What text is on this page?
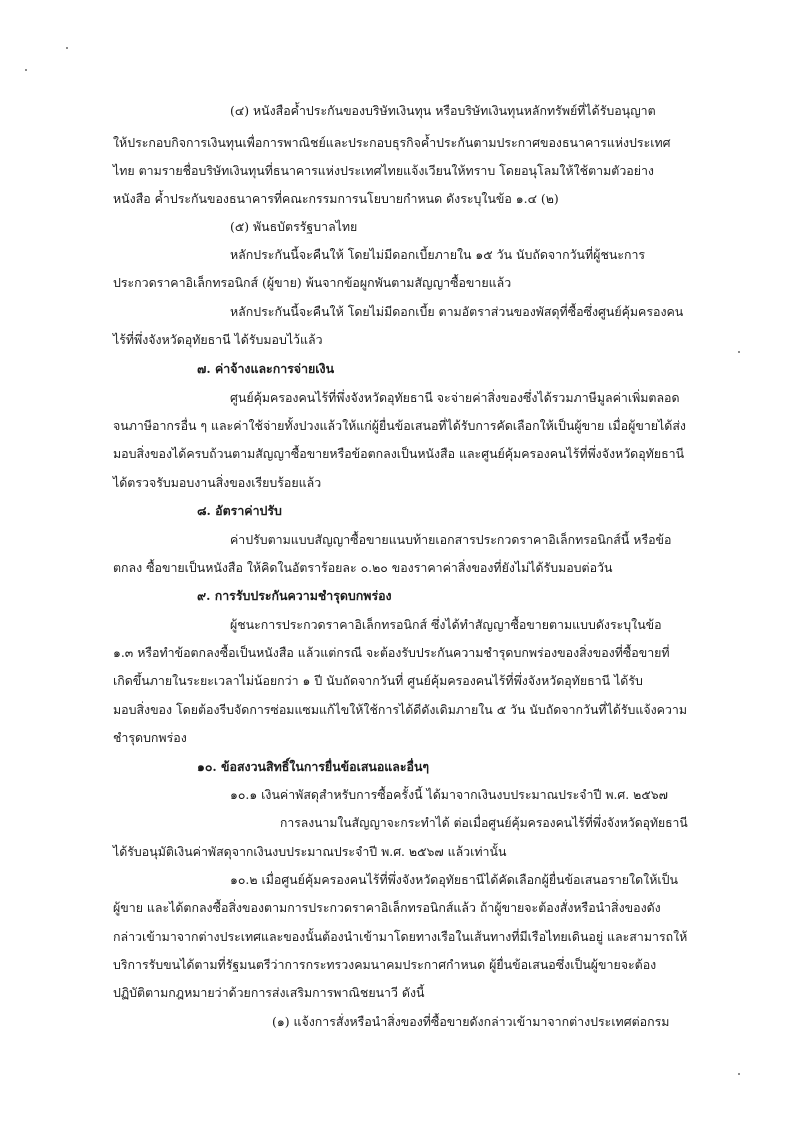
(๔) หนังสือค้ำประกันของบริษัทเงินทุน หรือบริษัทเงินทุนหลักทรัพย์ที่ได้รับอนุญาต
ให้ประกอบกิจการเงินทุนเพื่อการพาณิชย์และประกอบธุรกิจค้ำประกันตามประกาศของธนาคารแห่งประเทศ
ไทย ตามรายชื่อบริษัทเงินทุนที่ธนาคารแห่งประเทศไทยแจ้งเวียนให้ทราบ โดยอนุโลมให้ใช้ตามตัวอย่าง
หนังสือ ค้ำประกันของธนาคารที่คณะกรรมการนโยบายกำหนด ดังระบุในข้อ ๑.๔ (๒)
(๕) พันธบัตรรัฐบาลไทย
หลักประกันนี้จะคืนให้ โดยไม่มีดอกเบี้ยภายใน ๑๕ วัน นับถัดจากวันที่ผู้ชนะการ
ประกวดราคาอิเล็กทรอนิกส์ (ผู้ขาย) พ้นจากข้อผูกพันตามสัญญาซื้อขายแล้ว
หลักประกันนี้จะคืนให้ โดยไม่มีดอกเบี้ย ตามอัตราส่วนของพัสดุที่ซื้อซึ่งศูนย์คุ้มครองคน
ไร้ที่พึ่งจังหวัดอุทัยธานี ได้รับมอบไว้แล้ว
๗. ค่าจ้างและการจ่ายเงิน
ศูนย์คุ้มครองคนไร้ที่พึ่งจังหวัดอุทัยธานี จะจ่ายค่าสิ่งของซึ่งได้รวมภาษีมูลค่าเพิ่มตลอด
จนภาษีอากรอื่น ๆ และค่าใช้จ่ายทั้งปวงแล้วให้แก่ผู้ยื่นข้อเสนอที่ได้รับการคัดเลือกให้เป็นผู้ขาย เมื่อผู้ขายได้ส่ง
มอบสิ่งของได้ครบถ้วนตามสัญญาซื้อขายหรือข้อตกลงเป็นหนังสือ และศูนย์คุ้มครองคนไร้ที่พึ่งจังหวัดอุทัยธานี
ได้ตรวจรับมอบงานสิ่งของเรียบร้อยแล้ว
๘. อัตราค่าปรับ
ค่าปรับตามแบบสัญญาซื้อขายแนบท้ายเอกสารประกวดราคาอิเล็กทรอนิกส์นี้ หรือข้อ
ตกลง ซื้อขายเป็นหนังสือ ให้คิดในอัตราร้อยละ ๐.๒๐ ของราคาค่าสิ่งของที่ยังไม่ได้รับมอบต่อวัน
๙. การรับประกันความชำรุดบกพร่อง
ผู้ชนะการประกวดราคาอิเล็กทรอนิกส์ ซึ่งได้ทำสัญญาซื้อขายตามแบบดังระบุในข้อ
๑.๓ หรือทำข้อตกลงซื้อเป็นหนังสือ แล้วแต่กรณี จะต้องรับประกันความชำรุดบกพร่องของสิ่งของที่ซื้อขายที่
เกิดขึ้นภายในระยะเวลาไม่น้อยกว่า ๑ ปี นับถัดจากวันที่ ศูนย์คุ้มครองคนไร้ที่พึ่งจังหวัดอุทัยธานี ได้รับ
มอบสิ่งของ โดยต้องรีบจัดการซ่อมแซมแก้ไขให้ใช้การได้ดีดังเดิมภายใน ๕ วัน นับถัดจากวันที่ได้รับแจ้งความ
ชำรุดบกพร่อง
๑๐. ข้อสงวนสิทธิ์ในการยื่นข้อเสนอและอื่นๆ
๑๐.๑ เงินค่าพัสดุสำหรับการซื้อครั้งนี้ ได้มาจากเงินงบประมาณประจำปี พ.ศ. ๒๕๖๗
การลงนามในสัญญาจะกระทำได้ ต่อเมื่อศูนย์คุ้มครองคนไร้ที่พึ่งจังหวัดอุทัยธานี
ได้รับอนุมัติเงินค่าพัสดุจากเงินงบประมาณประจำปี พ.ศ. ๒๕๖๗ แล้วเท่านั้น
๑๐.๒ เมื่อศูนย์คุ้มครองคนไร้ที่พึ่งจังหวัดอุทัยธานีได้คัดเลือกผู้ยื่นข้อเสนอรายใดให้เป็น
ผู้ขาย และได้ตกลงซื้อสิ่งของตามการประกวดราคาอิเล็กทรอนิกส์แล้ว ถ้าผู้ขายจะต้องสั่งหรือนำสิ่งของดัง
กล่าวเข้ามาจากต่างประเทศและของนั้นต้องนำเข้ามาโดยทางเรือในเส้นทางที่มีเรือไทยเดินอยู่ และสามารถให้
บริการรับขนได้ตามที่รัฐมนตรีว่าการกระทรวงคมนาคมประกาศกำหนด ผู้ยื่นข้อเสนอซึ่งเป็นผู้ขายจะต้อง
ปฏิบัติตามกฎหมายว่าด้วยการส่งเสริมการพาณิชยนาวี ดังนี้
(๑) แจ้งการสั่งหรือนำสิ่งของที่ซื้อขายดังกล่าวเข้ามาจากต่างประเทศต่อกรม
